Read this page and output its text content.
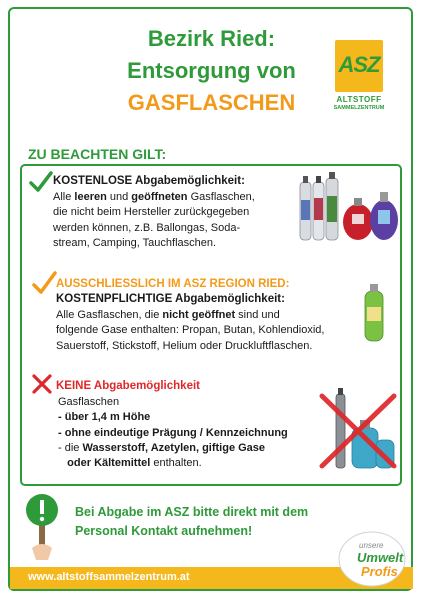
Bezirk Ried:
Entsorgung von
GASFLASCHEN
ASZ
ALTSTOFF
SAMMELZENTRUM
ZU BEACHTEN GILT:
KOSTENLOSE Abgabemöglichkeit:
Alle leeren und geöffneten Gasflaschen,
die nicht beim Hersteller zurückgegeben
werden können, z.B. Ballongas, Soda-
stream, Camping, Tauchflaschen.
AUSSCHLIESSLICH IM ASZ REGION RIED:
KOSTENPFLICHTIGE Abgabemöglichkeit:
Alle Gasflaschen, die nicht geöffnet sind und
folgende Gase enthalten: Propan, Butan, Kohlendioxid,
Sauerstoff, Stickstoff, Helium oder Druckluftflaschen.
KEINE Abgabemöglichkeit
Gasflaschen
- über 1,4 m Höhe
- ohne eindeutige Prägung / Kennzeichnung
- die Wasserstoff, Azetylen, giftige Gase
oder Kältemittel enthalten.
Bei Abgabe im ASZ bitte direkt mit dem
Personal Kontakt aufnehmen!
www.altstoffsammelzentrum.at
unsere
Umwelt
Profis
